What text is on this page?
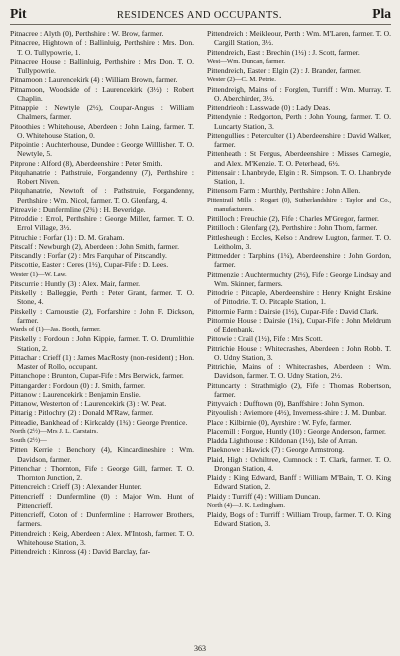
Pit	RESIDENCES AND OCCUPANTS.	Pla

Pitnacree : Alyth (0), Perthshire : W. Brow, farmer.

Pitnacree, Hightown of : Ballinluig, Perthshire : Mrs. Don. T. O. Tullypowrie, 1.

Pitnacree House : Ballinluig, Perthshire : Mrs Don. T. O. Tullypowrie.

Pitnamoon : Laurencekirk (4) : William Brown, farmer.

Pitnamoon, Woodside of : Laurencekirk (3½) : Robert Chaplin.

Pitnappie : Newtyle (2½), Coupar-Angus : William Chalmers, farmer.

Pitoothies : Whitehouse, Aberdeen : John Laing, farmer. T. O. Whitehouse Station, 0.

Pitpointie : Auchterhouse, Dundee : George Willlisher. T. O. Newtyle, 5.

Pitprone : Alford (8), Aberdeenshire : Peter Smith.

Pitquhanatrie : Pathstruie, Forgandenny (7), Perthshire : Robert Niven.

Pitquhanatrie, Newtoft of : Pathstruie, Forgandenny, Perthshire : Wm. Nicol, farmer. T. O. Glenfarg, 4.

Pitreavie : Dunfermline (2¾) : H. Beveridge.

Pitroddie : Errol, Perthshire : George Miller, farmer. T. O. Errol Village, 3½.

Pitruchie : Forfar (1) : D. M. Graham.

Pitscalf : Newburgh (2), Aberdeen : John Smith, farmer.

Pitscandly : Forfar (2) : Mrs Farquhar of Pitscandly.

Pitscottie, Easter : Ceres (1½), Cupar-Fife : D. Lees.

Wester (1)—W. Law.

Pitscurrie : Huntly (3) : Alex. Mair, farmer.

Pitskelly : Balleggie, Perth : Peter Grant, farmer. T. O. Stone, 4.

Pitskelly : Carnoustie (2), Forfarshire : John F. Dickson, farmer.

Wards of (1)—Jas. Booth, farmer.

Pitskelly : Fordoun : John Kippie, farmer. T. O. Drumlithie Station, 2.

Pittachar : Crieff (1) : James MacRosty (non-resident) ; Hon. Master of Rollo, occupant.

Pittanchope : Brunton, Cupar-Fife : Mrs Berwick, farmer.

Pittangarder : Fordoun (0) : J. Smith, farmer.

Pittanow : Laurencekirk : Benjamin Enslie.

Pittanow, Westerton of : Laurencekirk (3) : W. Peat.

Pittarig : Pitlochry (2) : Donald M'Raw, farmer.

Pitteadie, Bankhead of : Kirkcaldy (1¾) : George Prentice.

North (2½)—Mrs J. L. Carstairs.

South (2½)—

Pitten Kerrie : Benchory (4), Kincardineshire : Wm. Davidson, farmer.

Pittenchar : Thornton, Fife : George Gill, farmer. T. O. Thornton Junction, 2.

Pittencreich : Crieff (3) : Alexander Hunter.

Pittencrieff : Dunfermline (0) : Major Wm. Hunt of Pittencrieff.

Pittencrieff, Coton of : Dunfermline : Harrower Brothers, farmers.

Pittendreich : Keig, Aberdeen : Alex. M'Intosh, farmer. T. O. Whitehouse Station, 3.

Pittendreich : Kinross (4) : David Barclay, far-

Pittendreich : Meikleour, Perth : Wm. M'Laren, farmer. T. O. Cargill Station, 3½.

Pittendreich, East : Brechin (1½) : J. Scott, farmer.

West—Wm. Duncan, farmer.

Pittendreich, Easter : Elgin (2) : J. Brander, farmer.

Wester (2)—C. M. Petrie.

Pittendreigh, Mains of : Forglen, Turriff : Wm. Murray. T. O. Aberchirder, 3½.

Pittendrieoh : Lasswade (0) : Lady Deas.

Pittendynie : Redgorton, Perth : John Young, farmer. T. O. Luncarty Station, 3.

Pittengullies : Peterculter (1) Aberdeenshire : David Walker, farmer.

Pittenheath : St Fergus, Aberdeenshire : Misses Carnegie, and Alex. M'Kenzie. T. O. Peterhead, 6½.

Pittensair : Lhanbryde, Elgin : R. Simpson. T. O. Lhanbryde Station, 1.

Pittensorn Farm : Murthly, Perthshire : John Allen.

Pittentrail Mills : Rogart (0), Sutherlandshire : Taylor and Co., manufacturers.

Pittilloch : Freuchie (2), Fife : Charles M'Gregor, farmer.

Pittilloch : Glenfarg (2), Perthshire : John Thom, farmer.

Pittlesheugh : Eccles, Kelso : Andrew Lugton, farmer. T. O. Leitholm, 3.

Pittmedder : Tarphins (1¼), Aberdeenshire : John Gordon, farmer.

Pittmenzie : Auchtermuchty (2½), Fife : George Lindsay and Wm. Skinner, farmers.

Pittodrie : Pitcaple, Aberdeenshire : Henry Knight Erskine of Pittodrie. T. O. Pitcaple Station, 1.

Pittormie Farm : Dairsie (1½), Cupar-Fife : David Clark.

Pittormie House : Dairsie (1¼), Cupar-Fife : John Meldrum of Edenbank.

Pittowie : Crail (1½), Fife : Mrs Scott.

Pittrichie House : Whitecrashes, Aberdeen : John Robb. T. O. Udny Station, 3.

Pittrichie, Mains of : Whitecrashes, Aberdeen : Wm. Davidson, farmer. T. O. Udny Station, 2½.

Pittuncarty : Strathmiglo (2), Fife : Thomas Robertson, farmer.

Pittyvaich : Dufftown (0), Banffshire : John Symon.

Pityoulish : Aviemore (4½), Inverness-shire : J. M. Dunbar.

Place : Kilbirnie (0), Ayrshire : W. Fyfe, farmer.

Placemill : Forgue, Huntly (10) : George Anderson, farmer.

Pladda Lighthouse : Kildonan (1½), Isle of Arran.

Plaeknowe : Hawick (7) : George Armstrong.

Plaid, High : Ochiltree, Cumnock : T. Clark, farmer. T. O. Drongan Station, 4.

Plaidy : King Edward, Banff : William M'Bain, T. O. King Edward Station, 2.

Plaidy : Turriff (4) : William Duncan.

North (4)—J. K. Ledingham.

Plaidy, Bogs of : Turriff : William Troup, farmer. T. O. King Edward Station, 3.

363
